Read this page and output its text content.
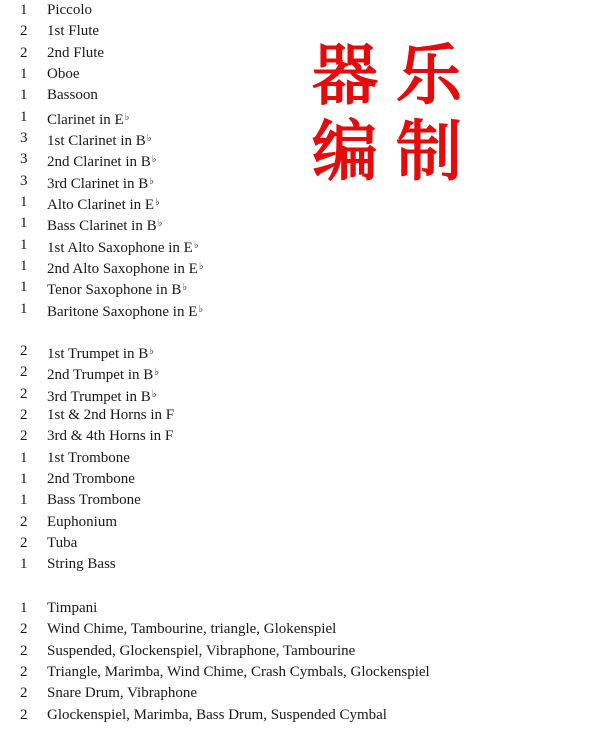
器乐
编制
1	Piccolo
2	1st Flute
2	2nd Flute
1	Oboe
1	Bassoon
1	Clarinet in E♭
3	1st Clarinet in B♭
3	2nd Clarinet in B♭
3	3rd Clarinet in B♭
1	Alto Clarinet in E♭
1	Bass Clarinet in B♭
1	1st Alto Saxophone in E♭
1	2nd Alto Saxophone in E♭
1	Tenor Saxophone in B♭
1	Baritone Saxophone in E♭
2	1st Trumpet in B♭
2	2nd Trumpet in B♭
2	3rd Trumpet in B♭
2	1st & 2nd Horns in F
2	3rd & 4th Horns in F
1	1st Trombone
1	2nd Trombone
1	Bass Trombone
2	Euphonium
2	Tuba
1	String Bass
1	Timpani
2	Wind Chime, Tambourine, triangle, Glokenspiel
2	Suspended, Glockenspiel, Vibraphone, Tambourine
2	Triangle, Marimba, Wind Chime, Crash Cymbals, Glockenspiel
2	Snare Drum, Vibraphone
2	Glockenspiel, Marimba, Bass Drum, Suspended Cymbal
